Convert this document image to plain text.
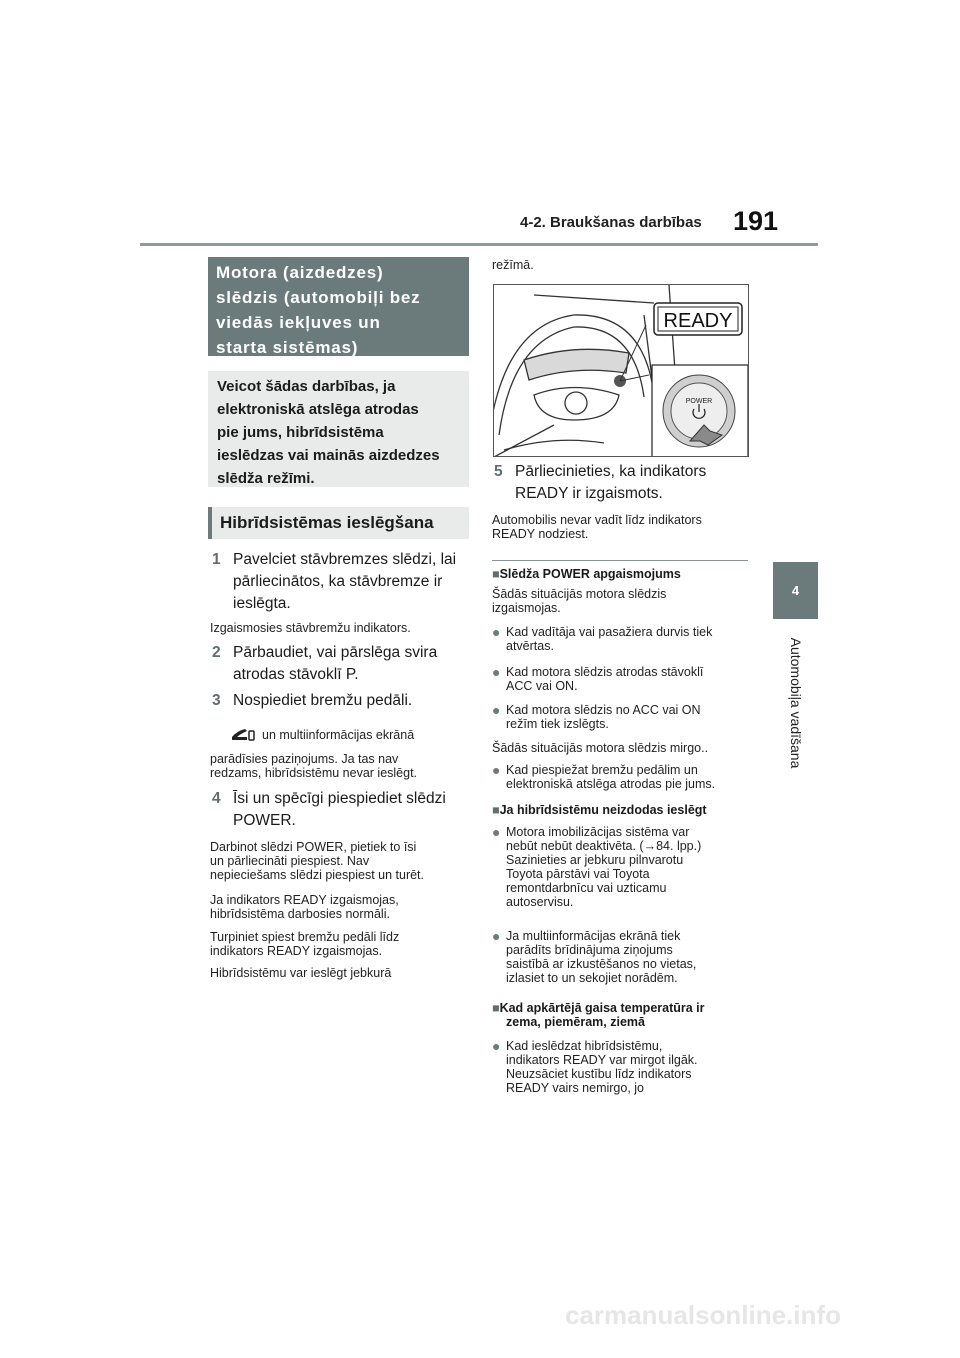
4-2. Braukšanas darbības 191
4
Automobiļa vadīšana
Motora (aizdedzes)
slēdzis (automobiļi bez
viedās iekļuves un
starta sistēmas)
Veicot šādas darbības, ja
elektroniskā atslēga atrodas
pie jums, hibrīdsistēma
ieslēdzas vai mainās aizdedzes
slēdža režīmi.
Hibrīdsistēmas ieslēgšana
1 Pavelciet stāvbremzes slēdzi, lai
pārliecinātos, ka stāvbremze ir
ieslēgta.
Izgaismosies stāvbremžu indikators.
2 Pārbaudiet, vai pārslēga svira
atrodas stāvoklī P.
3 Nospiediet bremžu pedāli.
un multiinformācijas ekrānā
parādīsies paziņojums. Ja tas nav
redzams, hibrīdsistēmu nevar ieslēgt.
4 Īsi un spēcīgi piespiediet slēdzi
POWER.
Darbinot slēdzi POWER, pietiek to īsi
un pārliecināti piespiest. Nav
nepieciešams slēdzi piespiest un turēt.
Ja indikators READY izgaismojas,
hibrīdsistēma darbosies normāli.
Turpiniet spiest bremžu pedāli līdz
indikators READY izgaismojas.
Hibrīdsistēmu var ieslēgt jebkurā
režīmā.
READY
POWER
5 Pārliecinieties, ka indikators
READY ir izgaismots.
Automobilis nevar vadīt līdz indikators
READY nodziest.
■Slēdža POWER apgaismojums
Šādās situācijās motora slēdzis
izgaismojas.
● Kad vadītāja vai pasažiera durvis tiek
atvērtas.
● Kad motora slēdzis atrodas stāvoklī
ACC vai ON.
● Kad motora slēdzis no ACC vai ON
režīm tiek izslēgts.
Šādās situācijās motora slēdzis mirgo..
● Kad piespiežat bremžu pedālim un
elektroniskā atslēga atrodas pie jums.
■Ja hibrīdsistēmu neizdodas ieslēgt
● Motora imobilizācijas sistēma var
nebūt nebūt deaktivēta. (→84. lpp.)
Sazinieties ar jebkuru pilnvarotu
Toyota pārstāvi vai Toyota
remontdarbnīcu vai uzticamu
autoservisu.
● Ja multiinformācijas ekrānā tiek
parādīts brīdinājuma ziņojums
saistībā ar izkustēšanos no vietas,
izlasiet to un sekojiet norādēm.
■Kad apkārtējā gaisa temperatūra ir
zema, piemēram, ziemā
● Kad ieslēdzat hibrīdsistēmu,
indikators READY var mirgot ilgāk.
Neuzsāciet kustību līdz indikators
READY vairs nemirgo, jo
carmanualsonline.info
